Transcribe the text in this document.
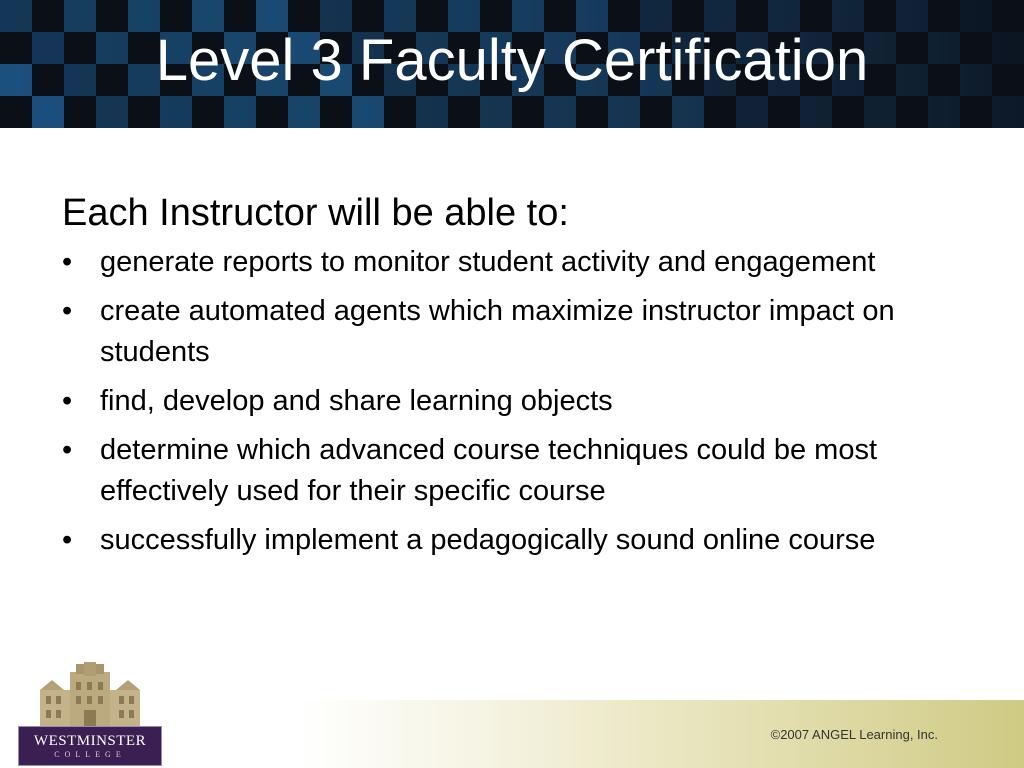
Level 3 Faculty Certification
Each Instructor will be able to:
• generate reports to monitor student activity and engagement
• create automated agents which maximize instructor impact on students
• find, develop and share learning objects
• determine which advanced course techniques could be most effectively used for their specific course
• successfully implement a pedagogically sound online course
©2007 ANGEL Learning, Inc.
WESTMINSTER
COLLEGE
